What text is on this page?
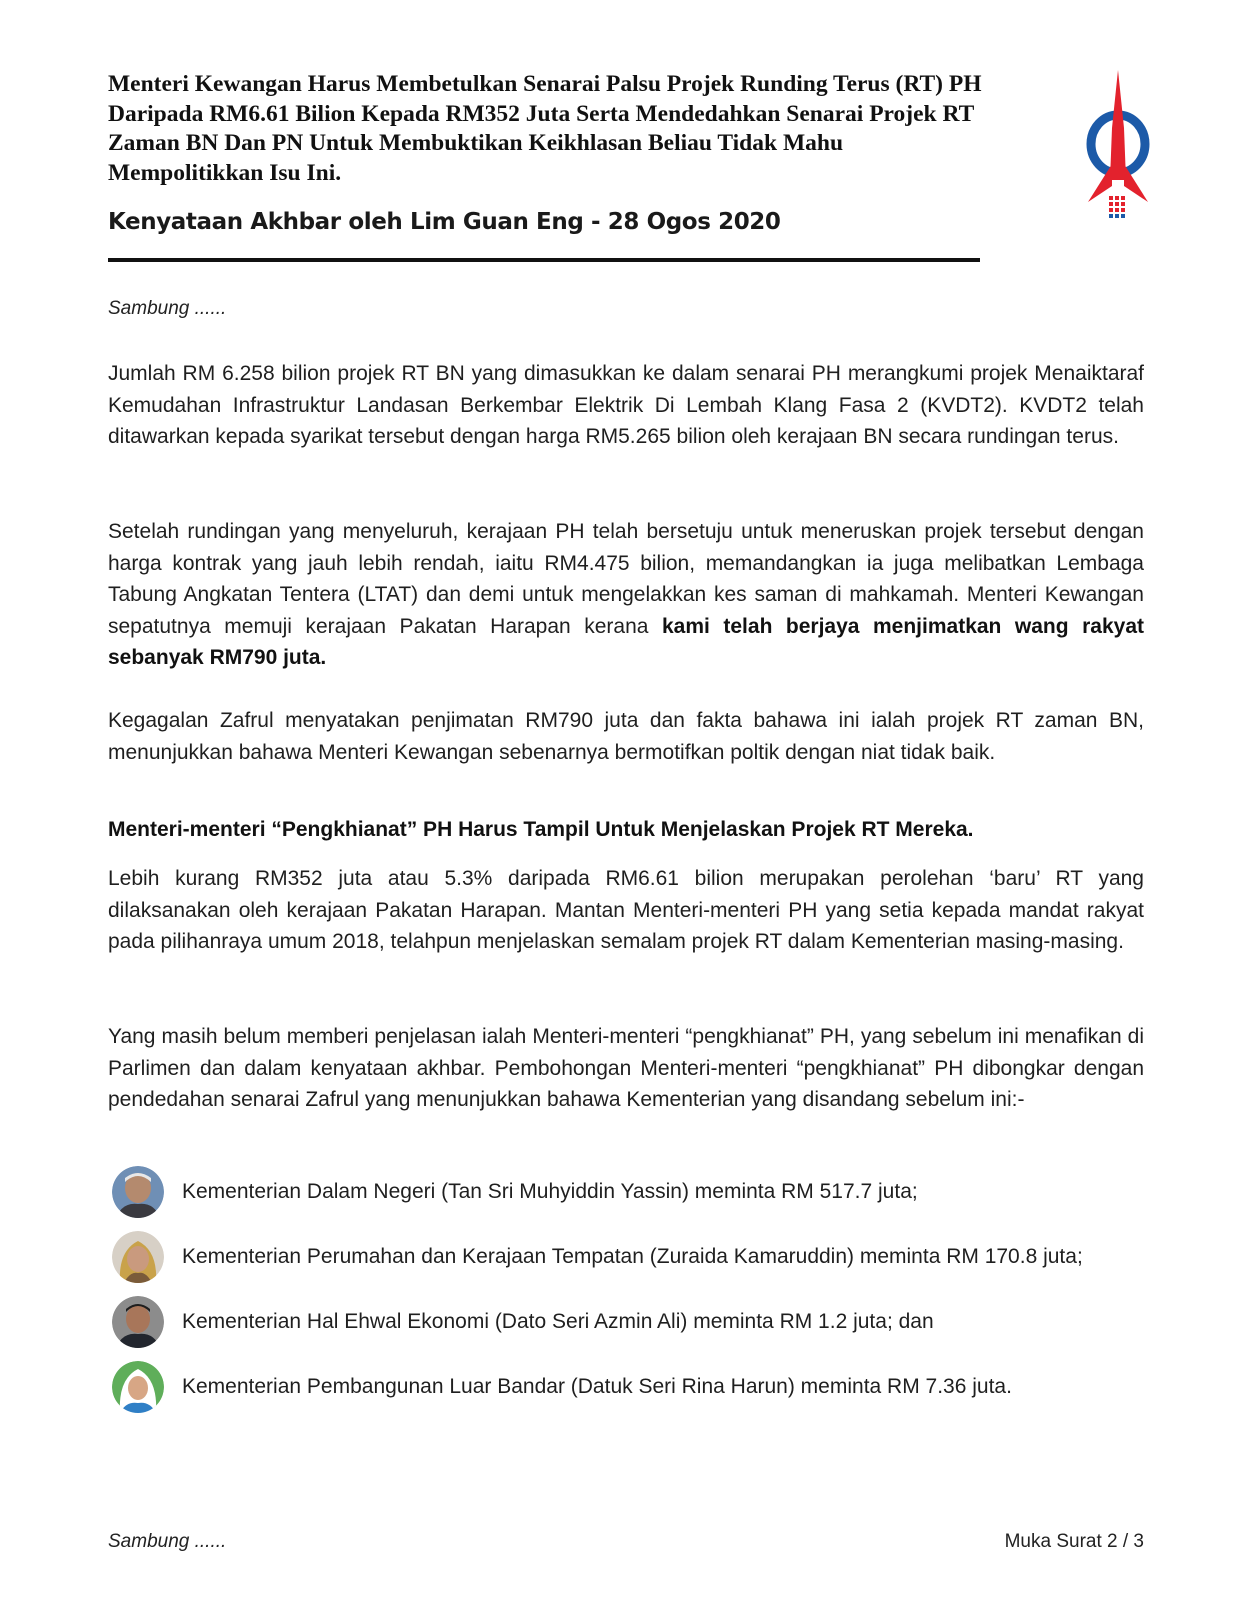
Menteri Kewangan Harus Membetulkan Senarai Palsu Projek Runding Terus (RT) PH
Daripada RM6.61 Bilion Kepada RM352 Juta Serta Mendedahkan Senarai Projek RT
Zaman BN Dan PN Untuk Membuktikan Keikhlasan Beliau Tidak Mahu
Mempolitikkan Isu Ini.
Kenyataan Akhbar oleh Lim Guan Eng - 28 Ogos 2020
Sambung ......
Jumlah RM 6.258 bilion projek RT BN yang dimasukkan ke dalam senarai PH merangkumi projek Menaiktaraf Kemudahan Infrastruktur Landasan Berkembar Elektrik Di Lembah Klang Fasa 2 (KVDT2). KVDT2 telah ditawarkan kepada syarikat tersebut dengan harga RM5.265 bilion oleh kerajaan BN secara rundingan terus.
Setelah rundingan yang menyeluruh, kerajaan PH telah bersetuju untuk meneruskan projek tersebut dengan harga kontrak yang jauh lebih rendah, iaitu RM4.475 bilion, memandangkan ia juga melibatkan Lembaga Tabung Angkatan Tentera (LTAT) dan demi untuk mengelakkan kes saman di mahkamah. Menteri Kewangan sepatutnya memuji kerajaan Pakatan Harapan kerana kami telah berjaya menjimatkan wang rakyat sebanyak RM790 juta.
Kegagalan Zafrul menyatakan penjimatan RM790 juta dan fakta bahawa ini ialah projek RT zaman BN, menunjukkan bahawa Menteri Kewangan sebenarnya bermotifkan poltik dengan niat tidak baik.
Menteri-menteri “Pengkhianat” PH Harus Tampil Untuk Menjelaskan Projek RT Mereka.
Lebih kurang RM352 juta atau 5.3% daripada RM6.61 bilion merupakan perolehan ‘baru’ RT yang dilaksanakan oleh kerajaan Pakatan Harapan. Mantan Menteri-menteri PH yang setia kepada mandat rakyat pada pilihanraya umum 2018, telahpun menjelaskan semalam projek RT dalam Kementerian masing-masing.
Yang masih belum memberi penjelasan ialah Menteri-menteri “pengkhianat” PH, yang sebelum ini menafikan di Parlimen dan dalam kenyataan akhbar. Pembohongan Menteri-menteri “pengkhianat” PH dibongkar dengan pendedahan senarai Zafrul yang menunjukkan bahawa Kementerian yang disandang sebelum ini:-
Kementerian Dalam Negeri (Tan Sri Muhyiddin Yassin) meminta RM 517.7 juta;
Kementerian Perumahan dan Kerajaan Tempatan (Zuraida Kamaruddin) meminta RM 170.8 juta;
Kementerian Hal Ehwal Ekonomi (Dato Seri Azmin Ali) meminta RM 1.2 juta; dan
Kementerian Pembangunan Luar Bandar (Datuk Seri Rina Harun) meminta RM 7.36 juta.
Sambung ......	Muka Surat 2 / 3
